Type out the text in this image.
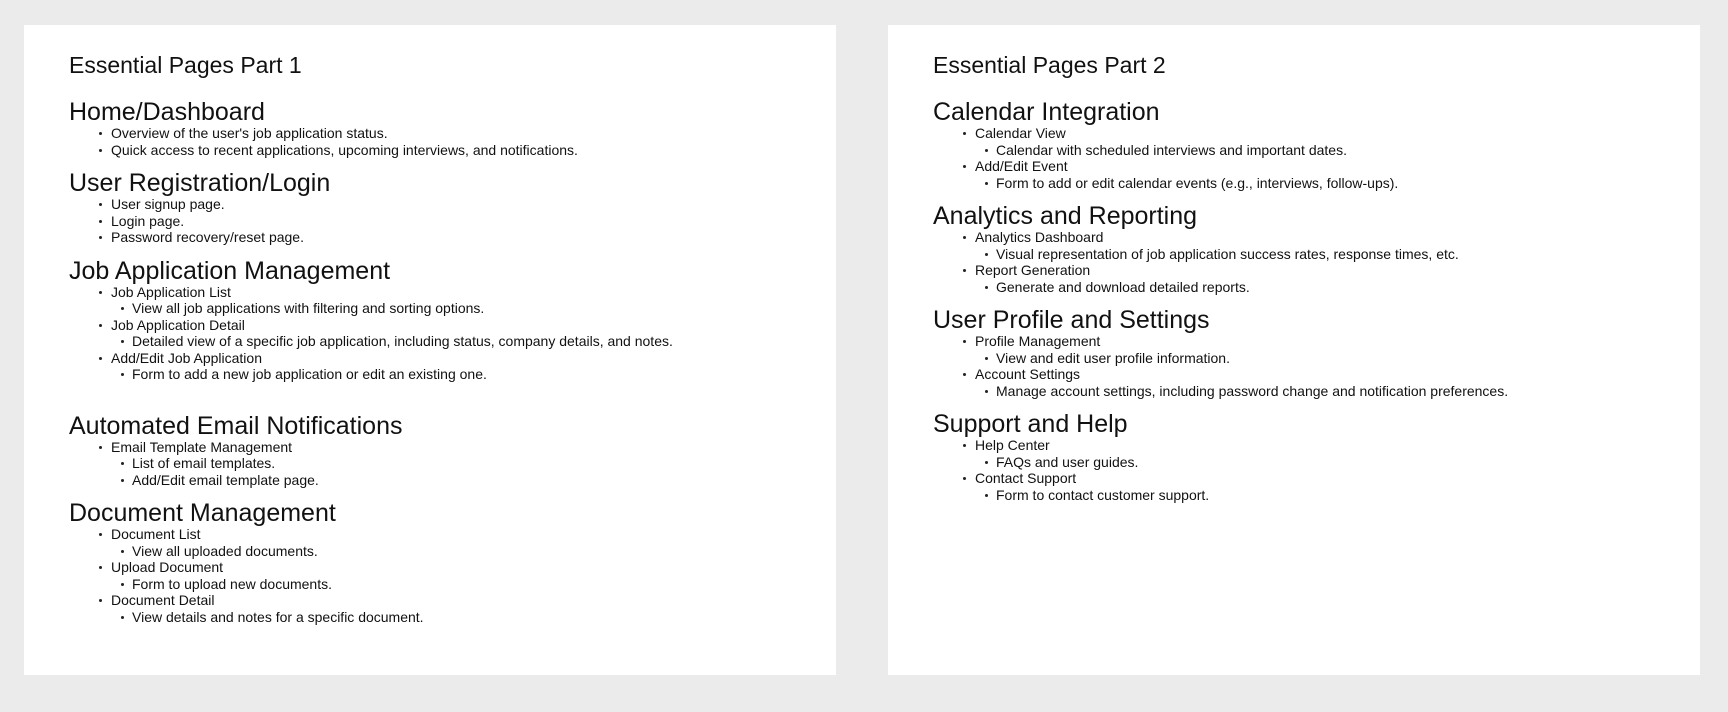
Essential Pages Part 1
Home/Dashboard
Overview of the user's job application status.
Quick access to recent applications, upcoming interviews, and notifications.
User Registration/Login
User signup page.
Login page.
Password recovery/reset page.
Job Application Management
Job Application List
View all job applications with filtering and sorting options.
Job Application Detail
Detailed view of a specific job application, including status, company details, and notes.
Add/Edit Job Application
Form to add a new job application or edit an existing one.
Automated Email Notifications
Email Template Management
List of email templates.
Add/Edit email template page.
Document Management
Document List
View all uploaded documents.
Upload Document
Form to upload new documents.
Document Detail
View details and notes for a specific document.
Essential Pages Part 2
Calendar Integration
Calendar View
Calendar with scheduled interviews and important dates.
Add/Edit Event
Form to add or edit calendar events (e.g., interviews, follow-ups).
Analytics and Reporting
Analytics Dashboard
Visual representation of job application success rates, response times, etc.
Report Generation
Generate and download detailed reports.
User Profile and Settings
Profile Management
View and edit user profile information.
Account Settings
Manage account settings, including password change and notification preferences.
Support and Help
Help Center
FAQs and user guides.
Contact Support
Form to contact customer support.
